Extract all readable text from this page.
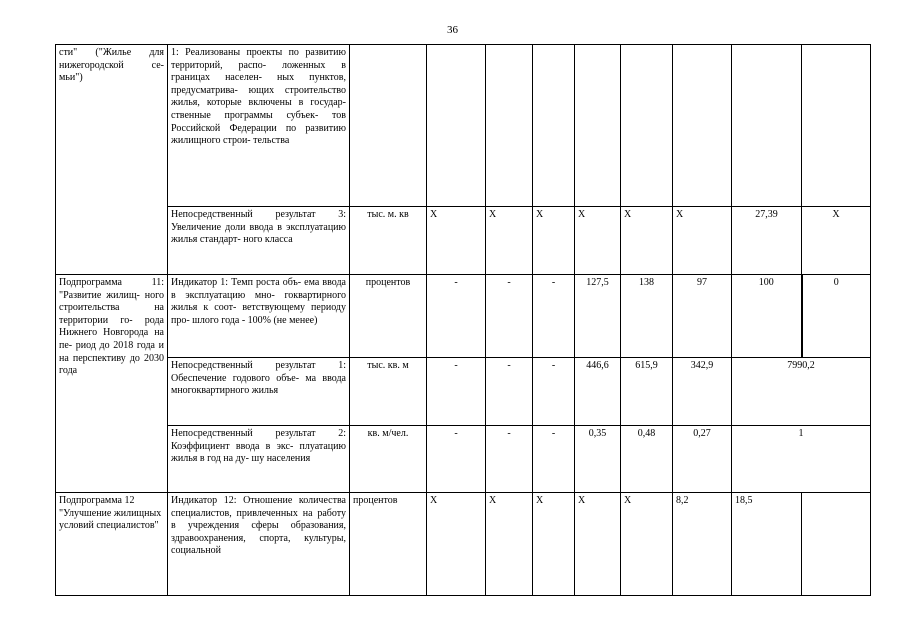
36
сти" ("Жилье для нижегородской се- мьи")	1: Реализованы проекты по развитию территорий, распо- ложенных в границах населен- ных пунктов, предусматрива- ющих строительство жилья, которые включены в государ- ственные программы субъек- тов Российской Федерации по развитию жилищного строи- тельства									
	Непосредственный результат 3: Увеличение доли ввода в эксплуатацию жилья стандарт- ного класса	тыс. м. кв	X	X	X	X	X	X	27,39	X
Подпрограмма 11: "Развитие жилищ- ного строительства на территории го- рода Нижнего Новгорода на пе- риод до 2018 года и на перспективу до 2030 года	Индикатор 1: Темп роста объ- ема ввода в эксплуатацию мно- гоквартирного жилья к соот- ветствующему периоду про- шлого года - 100% (не менее)	процентов	-	-	-	127,5	138	97	100	0
	Непосредственный результат 1: Обеспечение годового объе- ма ввода многоквартирного жилья	тыс. кв. м	-	-	-	446,6	615,9	342,9	7990,2	
	Непосредственный результат 2: Коэффициент ввода в экс- плуатацию жилья в год на ду- шу населения	кв. м/чел.	-	-	-	0,35	0,48	0,27	1	
Подпрограмма 12 "Улучшение жилищных условий специалистов"	Индикатор 12: Отношение количества специалистов, привлеченных на работу в учреждения сферы образования, здравоохранения, спорта, культуры, социальной	процентов	X	X	X	X	X	8,2	18,5	
